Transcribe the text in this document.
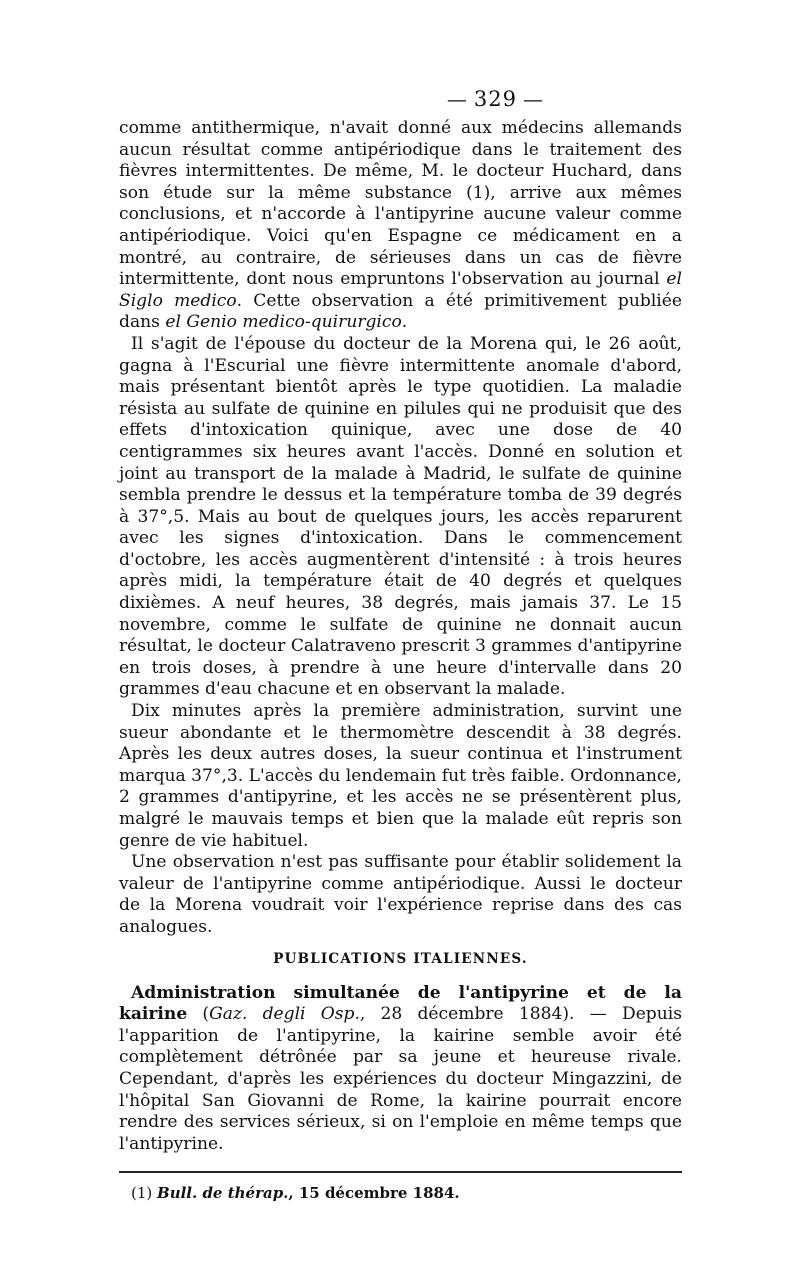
— 329 —

comme antithermique, n'avait donné aux médecins allemands aucun résultat comme antipériodique dans le traitement des fièvres intermittentes. De même, M. le docteur Huchard, dans son étude sur la même substance (1), arrive aux mêmes conclusions, et n'accorde à l'antipyrine aucune valeur comme antipériodique. Voici qu'en Espagne ce médicament en a montré, au contraire, de sérieuses dans un cas de fièvre intermittente, dont nous empruntons l'observation au journal el Siglo medico. Cette observation a été primitivement publiée dans el Genio medico-quirurgico.

Il s'agit de l'épouse du docteur de la Morena qui, le 26 août, gagna à l'Escurial une fièvre intermittente anomale d'abord, mais présentant bientôt après le type quotidien. La maladie résista au sulfate de quinine en pilules qui ne produisit que des effets d'intoxication quinique, avec une dose de 40 centigrammes six heures avant l'accès. Donné en solution et joint au transport de la malade à Madrid, le sulfate de quinine sembla prendre le dessus et la température tomba de 39 degrés à 37°,5. Mais au bout de quelques jours, les accès reparurent avec les signes d'intoxication. Dans le commencement d'octobre, les accès augmentèrent d'intensité : à trois heures après midi, la température était de 40 degrés et quelques dixièmes. A neuf heures, 38 degrés, mais jamais 37. Le 15 novembre, comme le sulfate de quinine ne donnait aucun résultat, le docteur Calatraveno prescrit 3 grammes d'antipyrine en trois doses, à prendre à une heure d'intervalle dans 20 grammes d'eau chacune et en observant la malade.

Dix minutes après la première administration, survint une sueur abondante et le thermomètre descendit à 38 degrés. Après les deux autres doses, la sueur continua et l'instrument marqua 37°,3. L'accès du lendemain fut très faible. Ordonnance, 2 grammes d'antipyrine, et les accès ne se présentèrent plus, malgré le mauvais temps et bien que la malade eût repris son genre de vie habituel.

Une observation n'est pas suffisante pour établir solidement la valeur de l'antipyrine comme antipériodique. Aussi le docteur de la Morena voudrait voir l'expérience reprise dans des cas analogues.

PUBLICATIONS ITALIENNES.

Administration simultanée de l'antipyrine et de la kairine (Gaz. degli Osp., 28 décembre 1884). — Depuis l'apparition de l'antipyrine, la kairine semble avoir été complètement détrônée par sa jeune et heureuse rivale. Cependant, d'après les expériences du docteur Mingazzini, de l'hôpital San Giovanni de Rome, la kairine pourrait encore rendre des services sérieux, si on l'emploie en même temps que l'antipyrine.

(1) Bull. de thérap., 15 décembre 1884.
